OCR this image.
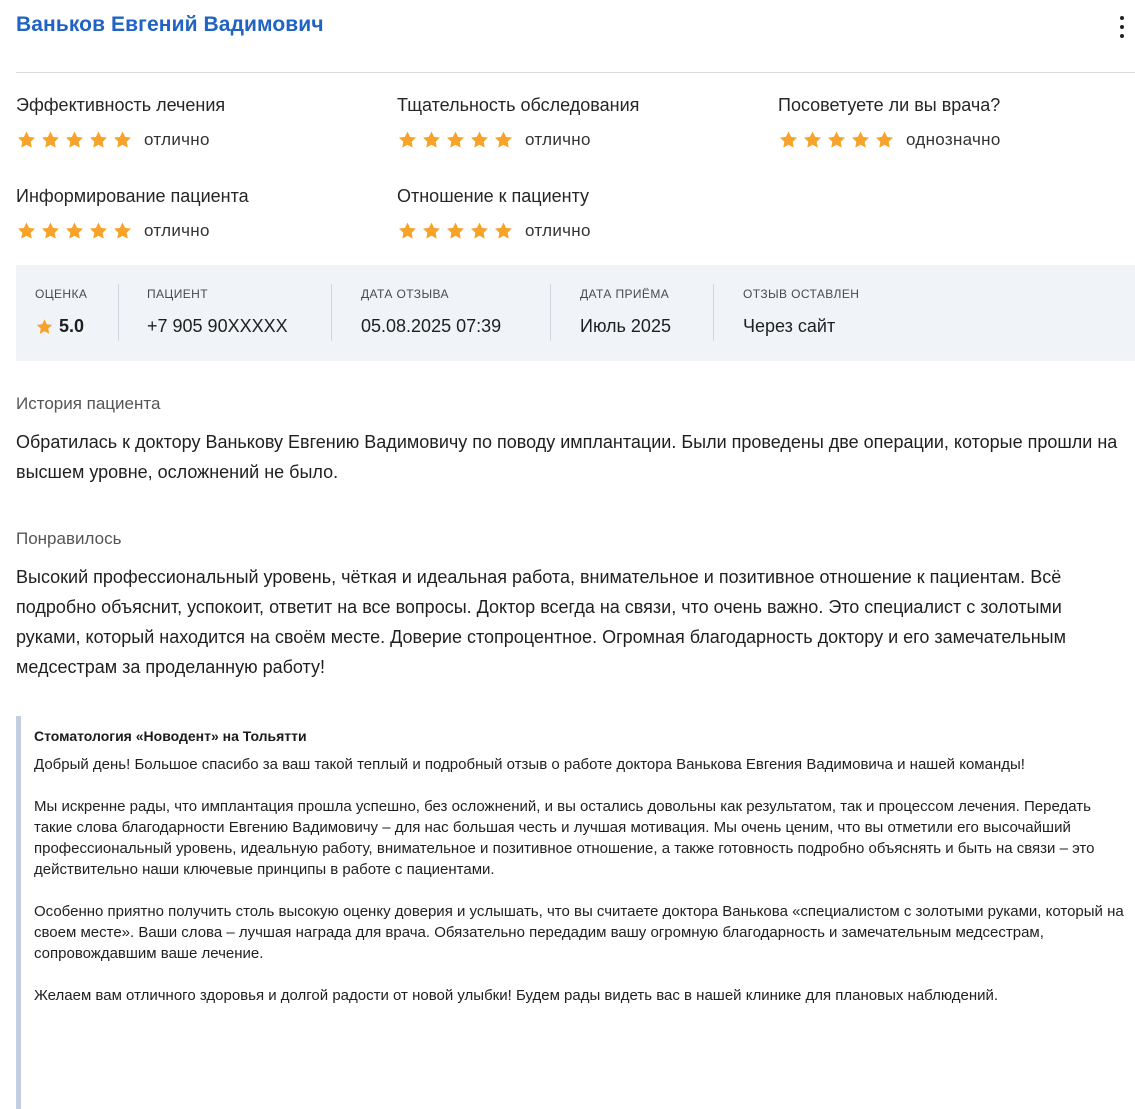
Ваньков Евгений Вадимович
Эффективность лечения
отлично
Тщательность обследования
отлично
Посоветуете ли вы врача?
однозначно
Информирование пациента
отлично
Отношение к пациенту
отлично
ОЦЕНКА
5.0
ПАЦИЕНТ
+7 905 90XXXXX
ДАТА ОТЗЫВА
05.08.2025 07:39
ДАТА ПРИЁМА
Июль 2025
ОТЗЫВ ОСТАВЛЕН
Через сайт
История пациента
Обратилась к доктору Ванькову Евгению Вадимовичу по поводу имплантации. Были проведены две операции, которые прошли на высшем уровне, осложнений не было.
Понравилось
Высокий профессиональный уровень, чёткая и идеальная работа, внимательное и позитивное отношение к пациентам. Всё подробно объяснит, успокоит, ответит на все вопросы. Доктор всегда на связи, что очень важно. Это специалист с золотыми руками, который находится на своём месте. Доверие стопроцентное. Огромная благодарность доктору и его замечательным медсестрам за проделанную работу!
Стоматология «Новодент» на Тольятти
Добрый день! Большое спасибо за ваш такой теплый и подробный отзыв о работе доктора Ванькова Евгения Вадимовича и нашей команды!
Мы искренне рады, что имплантация прошла успешно, без осложнений, и вы остались довольны как результатом, так и процессом лечения. Передать такие слова благодарности Евгению Вадимовичу – для нас большая честь и лучшая мотивация. Мы очень ценим, что вы отметили его высочайший профессиональный уровень, идеальную работу, внимательное и позитивное отношение, а также готовность подробно объяснять и быть на связи – это действительно наши ключевые принципы в работе с пациентами.
Особенно приятно получить столь высокую оценку доверия и услышать, что вы считаете доктора Ванькова «специалистом с золотыми руками, который на своем месте». Ваши слова – лучшая награда для врача. Обязательно передадим вашу огромную благодарность и замечательным медсестрам, сопровождавшим ваше лечение.
Желаем вам отличного здоровья и долгой радости от новой улыбки! Будем рады видеть вас в нашей клинике для плановых наблюдений.
